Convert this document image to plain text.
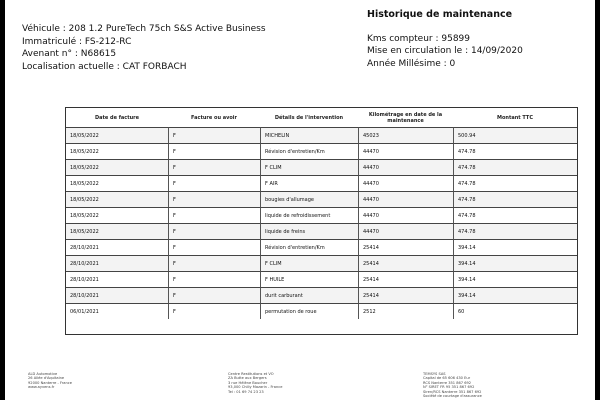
Véhicule : 208 1.2 PureTech 75ch S&S Active Business
Immatriculé : FS-212-RC
Avenant n° : N68615
Localisation actuelle : CAT FORBACH
Historique de maintenance
Kms compteur : 95899
Mise en circulation le : 14/09/2020
Année Millésime : 0
Date de facture	Facture ou avoir	Détails de l'intervention	Kilométrage en date de la maintenance	Montant TTC
18/05/2022	F	MICHELIN	45023	500.94
18/05/2022	F	Révision d'entretien/Km	44470	474.78
18/05/2022	F	F CLIM	44470	474.78
18/05/2022	F	F AIR	44470	474.78
18/05/2022	F	bougies d'allumage	44470	474.78
18/05/2022	F	liquide de refroidissement	44470	474.78
18/05/2022	F	liquide de freins	44470	474.78
28/10/2021	F	Révision d'entretien/Km	25414	394.14
28/10/2021	F	F CLIM	25414	394.14
28/10/2021	F	F HUILE	25414	394.14
28/10/2021	F	durit carburant	25414	394.14
06/01/2021	F	permutation de roue	2512	60
ALD Automotive
26 Allée d'Aquitaine
92000 Nanterre - France
www.ayvens.fr
Centre Restitutions et VO
ZA Butte aux Bergers
3 rue Hélène Boucher
93,000 Chilly Mazarin - France
Tel : 01 69 74 23 23
TEMSYS SAS
Capital de 65 606 430 Eur
RCS Nanterre 351 867 692
N° SIRET FR 95 351 867 692
Siren/RCS Nanterre 351 867 692
Société de courtage d'assurance
